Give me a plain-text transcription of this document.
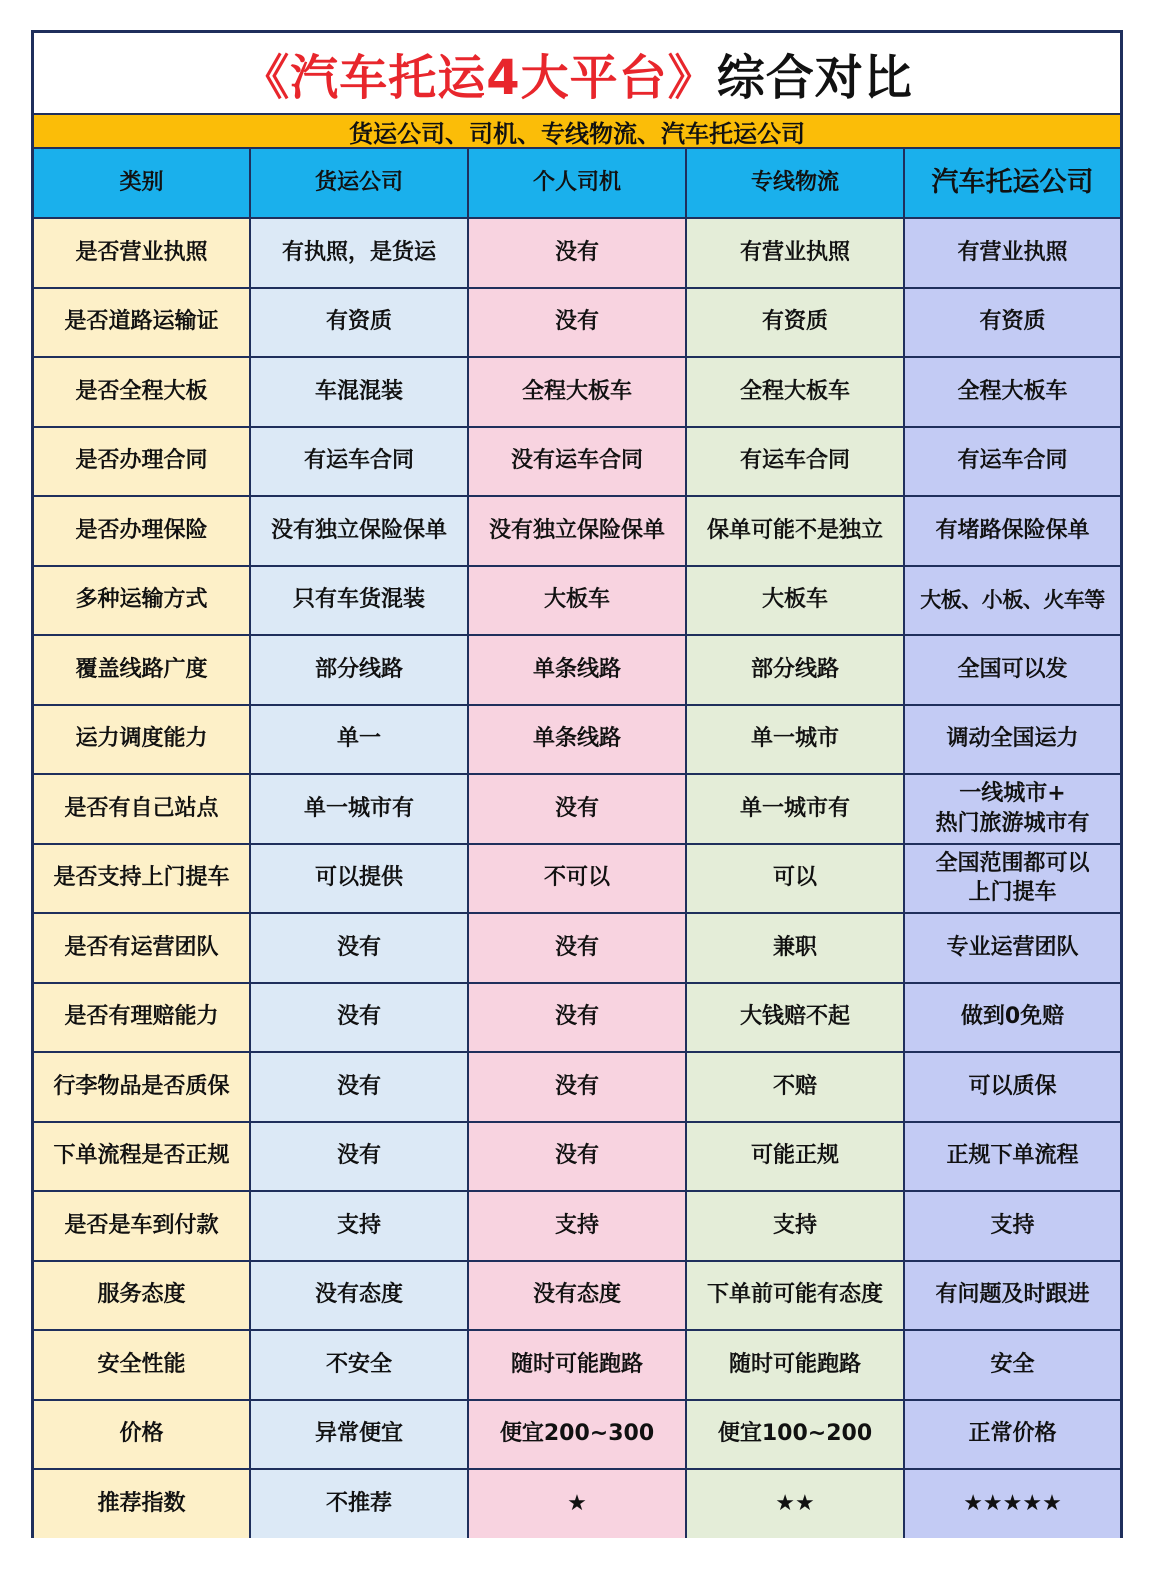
《汽车托运4大平台》 综合对比
货运公司、司机、专线物流、汽车托运公司
类别	货运公司	个人司机	专线物流	汽车托运公司
是否营业执照	有执照，是货运	没有	有营业执照	有营业执照
是否道路运输证	有资质	没有	有资质	有资质
是否全程大板	车混混装	全程大板车	全程大板车	全程大板车
是否办理合同	有运车合同	没有运车合同	有运车合同	有运车合同
是否办理保险	没有独立保险保单	没有独立保险保单	保单可能不是独立	有堵路保险保单
多种运输方式	只有车货混装	大板车	大板车	大板、小板、火车等
覆盖线路广度	部分线路	单条线路	部分线路	全国可以发
运力调度能力	单一	单条线路	单一城市	调动全国运力
是否有自己站点	单一城市有	没有	单一城市有	一线城市+
热门旅游城市有
是否支持上门提车	可以提供	不可以	可以	全国范围都可以
上门提车
是否有运营团队	没有	没有	兼职	专业运营团队
是否有理赔能力	没有	没有	大钱赔不起	做到0免赔
行李物品是否质保	没有	没有	不赔	可以质保
下单流程是否正规	没有	没有	可能正规	正规下单流程
是否是车到付款	支持	支持	支持	支持
服务态度	没有态度	没有态度	下单前可能有态度	有问题及时跟进
安全性能	不安全	随时可能跑路	随时可能跑路	安全
价格	异常便宜	便宜200~300	便宜100~200	正常价格
推荐指数	不推荐	★	★★	★★★★★
